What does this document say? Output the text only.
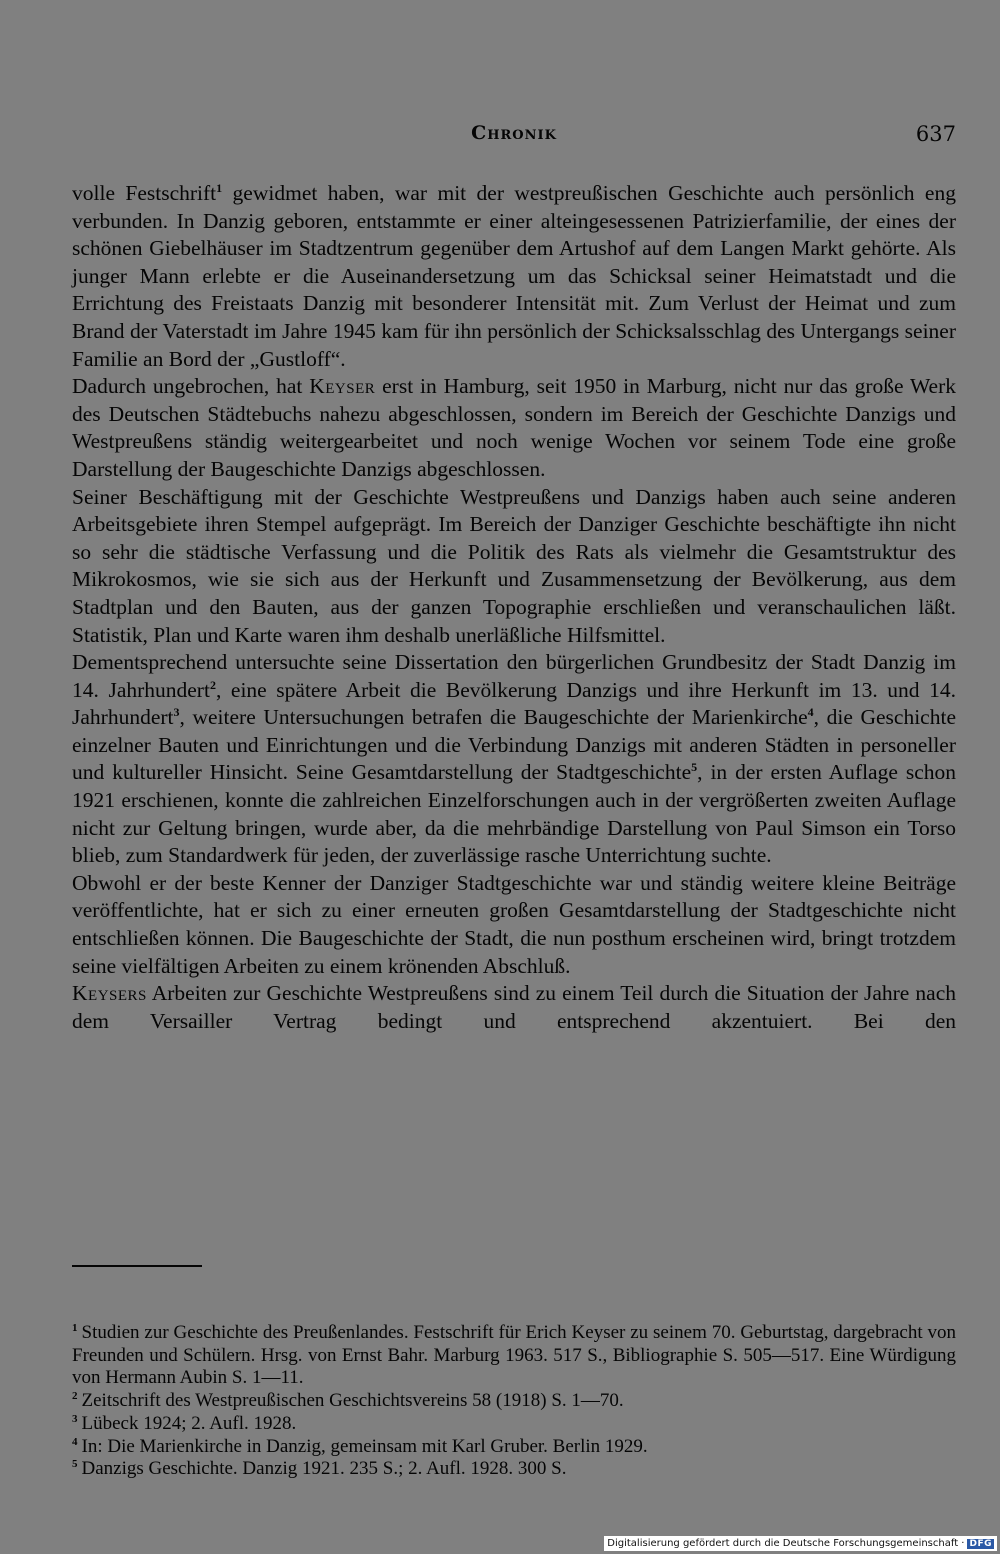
Chronik	637

volle Festschrift$^1$ gewidmet haben, war mit der westpreußischen Geschichte auch persönlich eng verbunden. In Danzig geboren, entstammte er einer alteingesessenen Patrizierfamilie, der eines der schönen Giebelhäuser im Stadtzentrum gegenüber dem Artushof auf dem Langen Markt gehörte. Als junger Mann erlebte er die Auseinandersetzung um das Schicksal seiner Heimatstadt und die Errichtung des Freistaats Danzig mit besonderer Intensität mit. Zum Verlust der Heimat und zum Brand der Vaterstadt im Jahre 1945 kam für ihn persönlich der Schicksalsschlag des Untergangs seiner Familie an Bord der „Gustloff“.

Dadurch ungebrochen, hat Keyser erst in Hamburg, seit 1950 in Marburg, nicht nur das große Werk des Deutschen Städtebuchs nahezu abgeschlossen, sondern im Bereich der Geschichte Danzigs und Westpreußens ständig weitergearbeitet und noch wenige Wochen vor seinem Tode eine große Darstellung der Baugeschichte Danzigs abgeschlossen.

Seiner Beschäftigung mit der Geschichte Westpreußens und Danzigs haben auch seine anderen Arbeitsgebiete ihren Stempel aufgeprägt. Im Bereich der Danziger Geschichte beschäftigte ihn nicht so sehr die städtische Verfassung und die Politik des Rats als vielmehr die Gesamtstruktur des Mikrokosmos, wie sie sich aus der Herkunft und Zusammensetzung der Bevölkerung, aus dem Stadtplan und den Bauten, aus der ganzen Topographie erschließen und veranschaulichen läßt. Statistik, Plan und Karte waren ihm deshalb unerläßliche Hilfsmittel.

Dementsprechend untersuchte seine Dissertation den bürgerlichen Grundbesitz der Stadt Danzig im 14. Jahrhundert$^2$, eine spätere Arbeit die Bevölkerung Danzigs und ihre Herkunft im 13. und 14. Jahrhundert$^3$, weitere Untersuchungen betrafen die Baugeschichte der Marienkirche$^4$, die Geschichte einzelner Bauten und Einrichtungen und die Verbindung Danzigs mit anderen Städten in personeller und kultureller Hinsicht. Seine Gesamtdarstellung der Stadtgeschichte$^5$, in der ersten Auflage schon 1921 erschienen, konnte die zahlreichen Einzelforschungen auch in der vergrößerten zweiten Auflage nicht zur Geltung bringen, wurde aber, da die mehrbändige Darstellung von Paul Simson ein Torso blieb, zum Standardwerk für jeden, der zuverlässige rasche Unterrichtung suchte.

Obwohl er der beste Kenner der Danziger Stadtgeschichte war und ständig weitere kleine Beiträge veröffentlichte, hat er sich zu einer erneuten großen Gesamtdarstellung der Stadtgeschichte nicht entschließen können. Die Baugeschichte der Stadt, die nun posthum erscheinen wird, bringt trotzdem seine vielfältigen Arbeiten zu einem krönenden Abschluß.

Keysers Arbeiten zur Geschichte Westpreußens sind zu einem Teil durch die Situation der Jahre nach dem Versailler Vertrag bedingt und entsprechend akzentuiert. Bei den

$^1$ Studien zur Geschichte des Preußenlandes. Festschrift für Erich Keyser zu seinem 70. Geburtstag, dargebracht von Freunden und Schülern. Hrsg. von Ernst Bahr. Marburg 1963. 517 S., Bibliographie S. 505—517. Eine Würdigung von Hermann Aubin S. 1—11.

$^2$ Zeitschrift des Westpreußischen Geschichtsvereins 58 (1918) S. 1—70.

$^3$ Lübeck 1924; 2. Aufl. 1928.

$^4$ In: Die Marienkirche in Danzig, gemeinsam mit Karl Gruber. Berlin 1929.

$^5$ Danzigs Geschichte. Danzig 1921. 235 S.; 2. Aufl. 1928. 300 S.

Digitalisierung gefördert durch die Deutsche Forschungsgemeinschaft · DFG
